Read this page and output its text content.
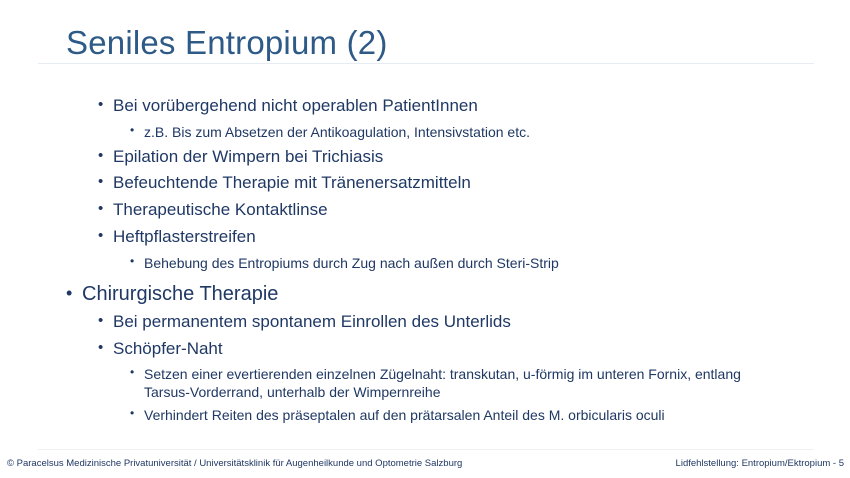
Seniles Entropium (2)
• Bei vorübergehend nicht operablen PatientInnen
• z.B. Bis zum Absetzen der Antikoagulation, Intensivstation etc.
• Epilation der Wimpern bei Trichiasis
• Befeuchtende Therapie mit Tränenersatzmitteln
• Therapeutische Kontaktlinse
• Heftpflasterstreifen
• Behebung des Entropiums durch Zug nach außen durch Steri-Strip
• Chirurgische Therapie
• Bei permanentem spontanem Einrollen des Unterlids
• Schöpfer-Naht
• Setzen einer evertierenden einzelnen Zügelnaht: transkutan, u-förmig im unteren Fornix, entlang Tarsus-Vorderrand, unterhalb der Wimpernreihe
• Verhindert Reiten des präseptalen auf den prätarsalen Anteil des M. orbicularis oculi
© Paracelsus Medizinische Privatuniversität / Universitätsklinik für Augenheilkunde und Optometrie Salzburg	Lidfehlstellung: Entropium/Ektropium - 5
